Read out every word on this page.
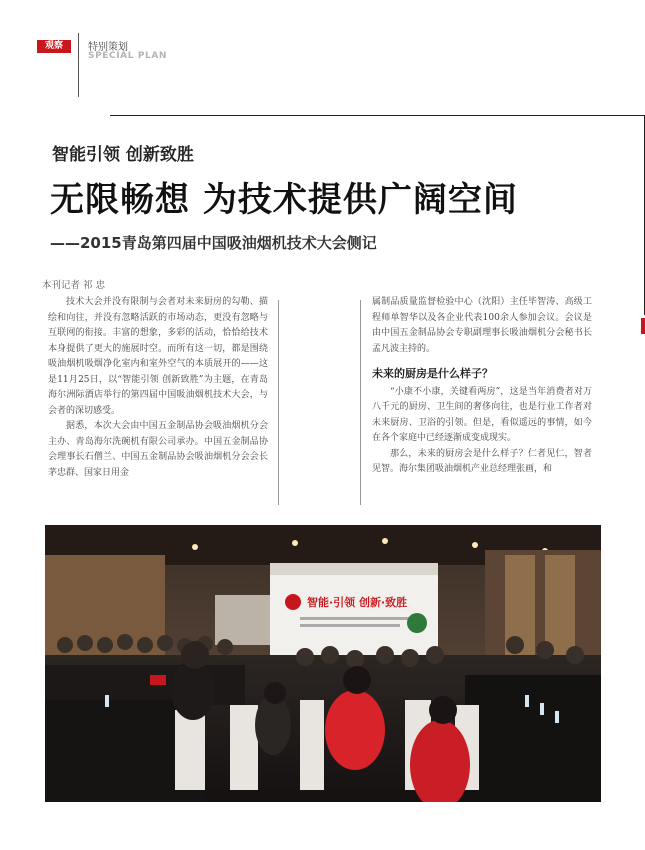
观察	特别策划
SPECIAL PLAN
智能引领 创新致胜
无限畅想 为技术提供广阔空间
——2015青岛第四届中国吸油烟机技术大会侧记
本刊记者 祁 忠

技术大会并没有限制与会者对未来厨房的勾勒、描绘和向往，并没有忽略活跃的市场动态，更没有忽略与互联网的衔接。丰富的想象，多彩的活动，恰恰给技术本身提供了更大的施展时空。而所有这一切，都是围绕吸油烟机吸烟净化室内和室外空气的本质展开的——这是11月25日，以“智能引领 创新致胜”为主题，在青岛海尔洲际酒店举行的第四届中国吸油烟机技术大会，与会者的深切感受。

据悉，本次大会由中国五金制品协会吸油烟机分会主办、青岛海尔洗碗机有限公司承办。中国五金制品协会理事长石僧兰、中国五金制品协会吸油烟机分会会长茅忠群、国家日用金

属制品质量监督检验中心（沈阳）主任毕智涛、高级工程师单智华以及各企业代表100余人参加会议。会议是由中国五金制品协会专职副理事长吸油烟机分会秘书长孟凡波主持的。

未来的厨房是什么样子？

“小康不小康，关键看两房”，这是当年消费者对万八千元的厨房、卫生间的奢侈向往，也是行业工作者对未来厨房、卫浴的引领。但是，看似遥远的事情，如今在各个家庭中已经逐渐成变成现实。

那么，未来的厨房会是什么样子？仁者见仁，智者见智。海尔集团吸油烟机产业总经理张画，和

智能·引领 创新·致胜
